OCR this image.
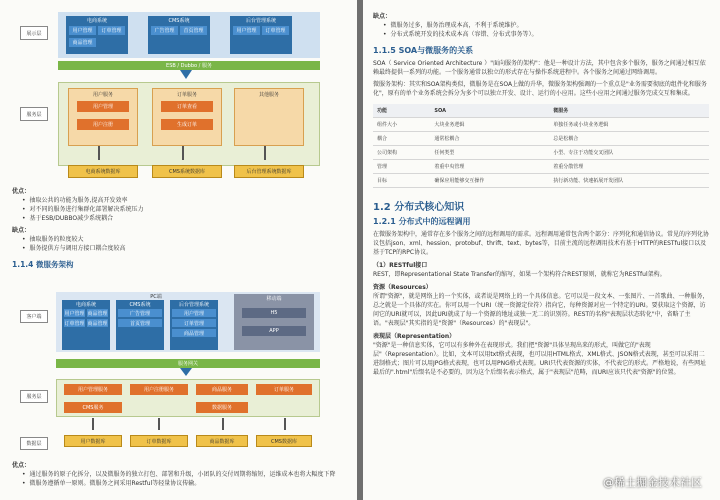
展示层
服务层
电商系统
用户管理	订单管理
商品管理
CMS系统
广告管理	首页管理
后台管理系统
用户管理	订单管理
ESB / Dubbo / 服务
用户服务
用户管理
用户注册
订单服务
订单查看
生成订单
其他服务
电商系统数据库	CMS系统数据库	后台管理系统数据库

优点：

• 抽取公共的功能为服务,提高开发效率

• 对不同的服务进行集群化部署解决系统压力

• 基于ESB/DUBBO减少系统耦合

缺点：

• 抽取服务的粒度较大

• 服务提供方与调用方接口耦合度较高

1.1.4 微服务架构

客户端
服务层
数据层
PC端
电商系统
用户管理 商品管理
订单管理 商品管理
CMS系统
广告管理
首页管理
后台管理系统
用户管理
订单管理
商品管理
移动端
H5
APP
服务网关
用户管理服务	用户注册服务	商品服务	订单服务
CMS服务	数据服务
用户数据库	订单数据库	商品数据库	CMS数据库

优点：

• 通过服务的原子化拆分，以及微服务的独立打包、部署和升级，小团队的交付周期将缩短，运维成本也将大幅度下降

• 微服务遵循单一原则。微服务之间采用Restful等轻量协议传输。

缺点：

• 微服务过多，服务治理成本高，不利于系统维护。

• 分布式系统开发的技术成本高（容错、分布式事务等）。

1.1.5 SOA与微服务的关系

SOA（ Service Oriented Architecture ）"面向服务的架构"：他是一种设计方法，其中包含多个服务，服务之间通过相互依赖最终提供一系列的功能。一个服务通常以独立的形式存在与操作系统进程中。各个服务之间通过网络调用。

微服务架构：其实和SOA架构类似，微服务是在SOA上做的升华，微服务架构强调的一个重点是"业务需要彻底的组件化和服务化"，原有的单个业务系统会拆分为多个可以独立开发、设计、运行的小应用。这些小应用之间通过服务完成交互和集成。

功能	SOA	微服务
组件大小	大块业务逻辑	单独任务或小块业务逻辑
耦合	通常松耦合	总是松耦合
公司架构	任何类型	小型、专注于功能交叉团队
管理	着重中央管理	着重分散管理
目标	确保应用能够交互操作	执行新功能、快速拓展开发团队

1.2 分布式核心知识

1.2.1 分布式中的远程调用

在微服务架构中，通常存在多个服务之间的远程调用的需求。远程调用通常包含两个部分：序列化和通信协议。常见的序列化协议包括json、xml、hession、protobuf、thrift、text、bytes等，目前主流的远程调用技术有基于HTTP的RESTful接口以及基于TCP的RPC协议。

（1）RESTful接口

REST，即Representational State Transfer的缩写，如果一个架构符合REST原则，就称它为RESTful架构。

资源（Resources）

所谓"资源"，就是网络上的一个实体，或者说是网络上的一个具体信息。它可以是一段文本、一张图片、一首歌曲、一种服务，总之就是一个具体的实在。你可以用一个URI（统一资源定位符）指向它，每种资源对应一个特定的URI。要获取这个资源，访问它的URI就可以，因此URI就成了每一个资源的地址或独一无二的识别符。REST的名称"表现层状态转化"中，省略了主语。"表现层"其实指的是"资源"（Resources）的"表现层"。

表现层（Representation）

"资源"是一种信息实体，它可以有多种外在表现形式。我们把"资源"具体呈现出来的形式，叫做它的"表现层"（Representation）。比如，文本可以用txt格式表现，也可以用HTML格式、XML格式、JSON格式表现，甚至可以采用二进制格式；图片可以用JPG格式表现，也可以用PNG格式表现。URI只代表资源的实体，不代表它的形式。严格地说，有些网址最后的".html"后缀名是不必要的，因为这个后缀名表示格式，属于"表现层"范畴，而URI应该只代表"资源"的位置。

@稀土掘金技术社区
